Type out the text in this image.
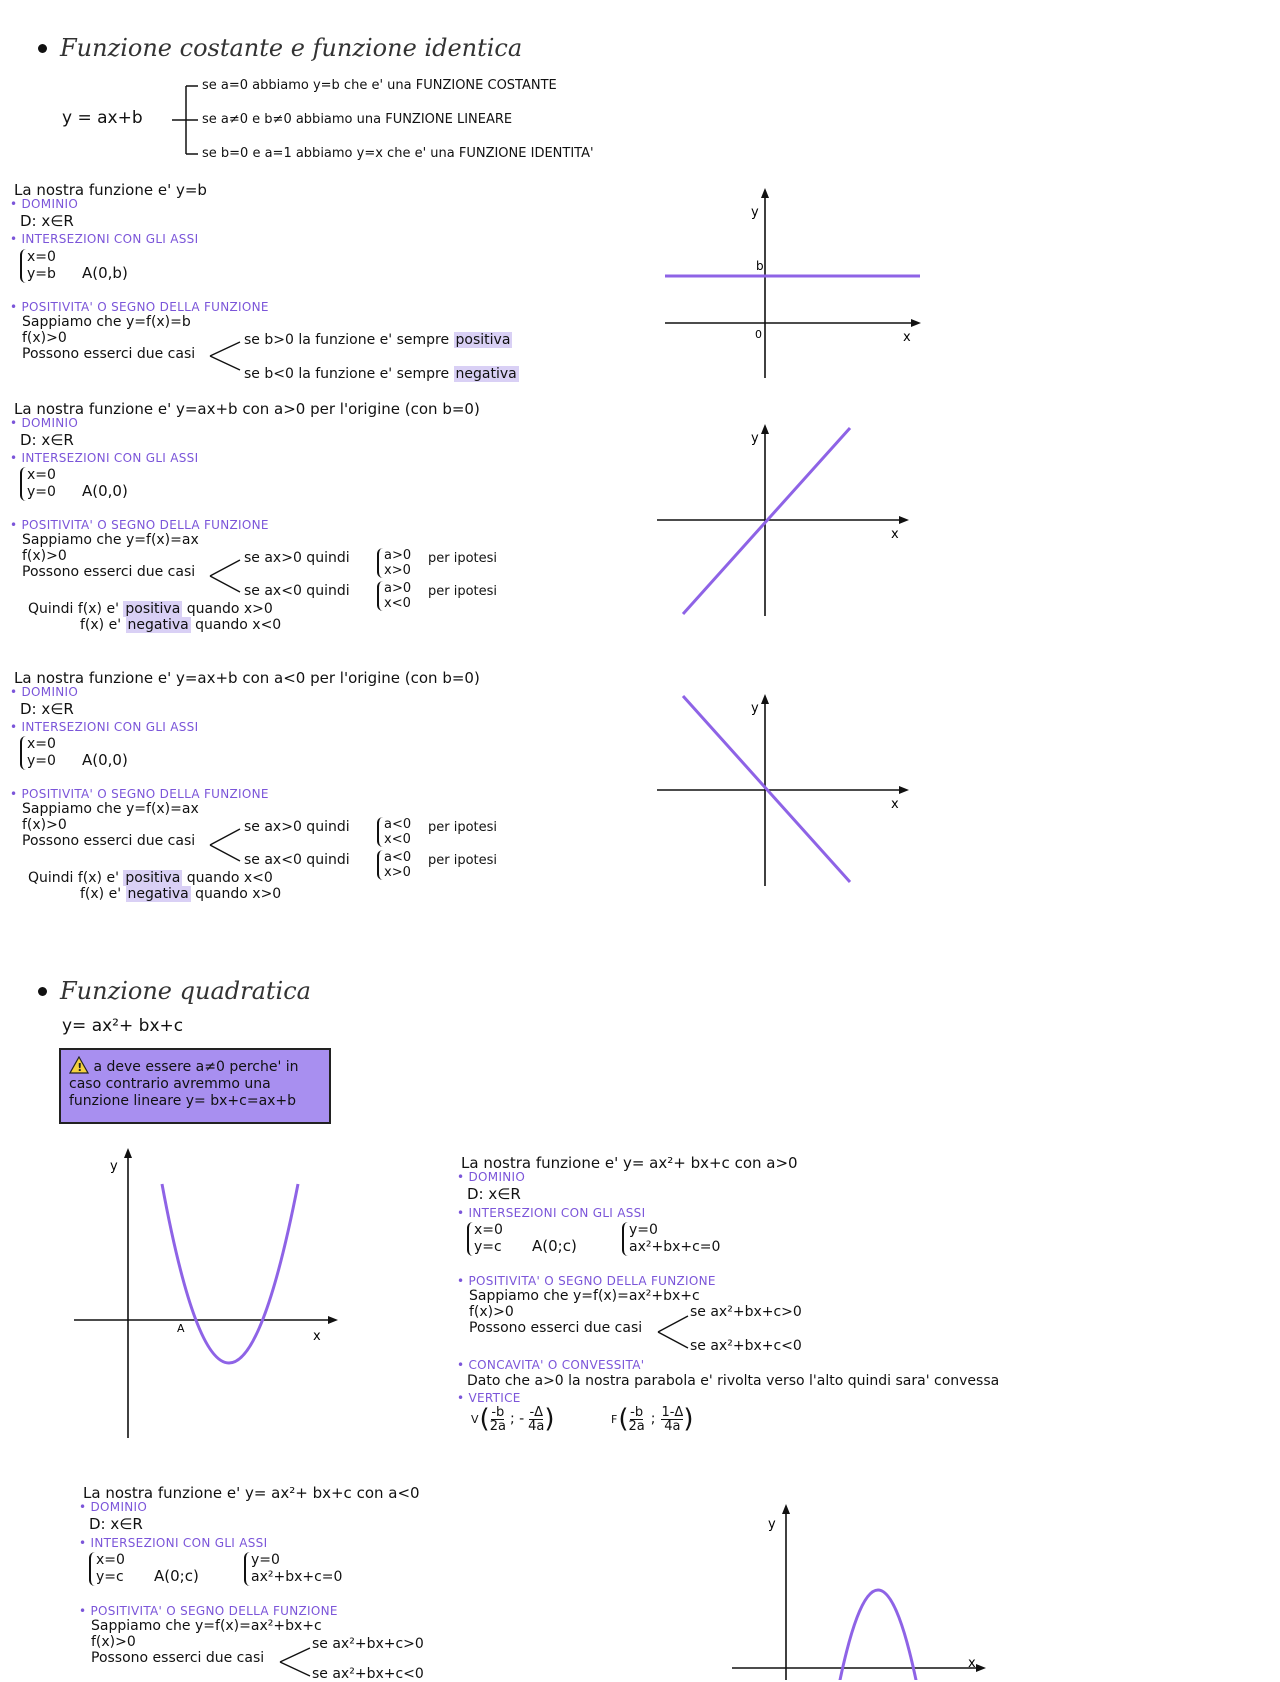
Funzione costante e funzione identica
y = ax+b
se a=0 abbiamo y=b che e' una FUNZIONE COSTANTE
se a≠0 e b≠0 abbiamo una FUNZIONE LINEARE
se b=0 e a=1 abbiamo y=x che e' una FUNZIONE IDENTITA'
La nostra funzione e' y=b
• DOMINIO
D: x∈R
• INTERSEZIONI CON GLI ASSI
x=0
y=b A(0,b)
• POSITIVITA' O SEGNO DELLA FUNZIONE
Sappiamo che y=f(x)=b
f(x)>0
Possono esserci due casi
se b>0 la funzione e' sempre positiva
se b<0 la funzione e' sempre negativa
y
b
0	x
La nostra funzione e' y=ax+b con a>0 per l'origine (con b=0)
• DOMINIO
D: x∈R
• INTERSEZIONI CON GLI ASSI
x=0
y=0 A(0,0)
• POSITIVITA' O SEGNO DELLA FUNZIONE
Sappiamo che y=f(x)=ax
f(x)>0
Possono esserci due casi
se ax>0 quindi	a>0
x>0
per ipotesi
se ax<0 quindi	a>0
x<0
per ipotesi
Quindi f(x) e' positiva quando x>0
f(x) e' negativa quando x<0
y
x
La nostra funzione e' y=ax+b con a<0 per l'origine (con b=0)
• DOMINIO
D: x∈R
• INTERSEZIONI CON GLI ASSI
x=0
y=0 A(0,0)
• POSITIVITA' O SEGNO DELLA FUNZIONE
Sappiamo che y=f(x)=ax
f(x)>0
Possono esserci due casi
se ax>0 quindi	a<0
x<0
per ipotesi
se ax<0 quindi	a<0
x>0
per ipotesi
Quindi f(x) e' positiva quando x<0
f(x) e' negativa quando x>0
y
x
Funzione quadratica
y= ax²+ bx+c
! a deve essere a≠0 perche' in caso contrario avremmo una funzione lineare y= bx+c=ax+b
y
A
x
La nostra funzione e' y= ax²+ bx+c con a>0
• DOMINIO
D: x∈R
• INTERSEZIONI CON GLI ASSI
x=0
y=c A(0;c)
y=0
ax²+bx+c=0
• POSITIVITA' O SEGNO DELLA FUNZIONE
Sappiamo che y=f(x)=ax²+bx+c
f(x)>0
Possono esserci due casi
se ax²+bx+c>0
se ax²+bx+c<0
• CONCAVITA' O CONVESSITA'
Dato che a>0 la nostra parabola e' rivolta verso l'alto quindi sara' convessa
• VERTICE
V ( $\frac{-b}{2a}$ ; - $\frac{-\Delta}{4a}$ )	F ( $\frac{-b}{2a}$ ; $\frac{1-\Delta}{4a}$ )
La nostra funzione e' y= ax²+ bx+c con a<0
• DOMINIO
D: x∈R
• INTERSEZIONI CON GLI ASSI
x=0
y=c A(0;c)
y=0
ax²+bx+c=0
• POSITIVITA' O SEGNO DELLA FUNZIONE
Sappiamo che y=f(x)=ax²+bx+c
f(x)>0
Possono esserci due casi
se ax²+bx+c>0
se ax²+bx+c<0
y
x
